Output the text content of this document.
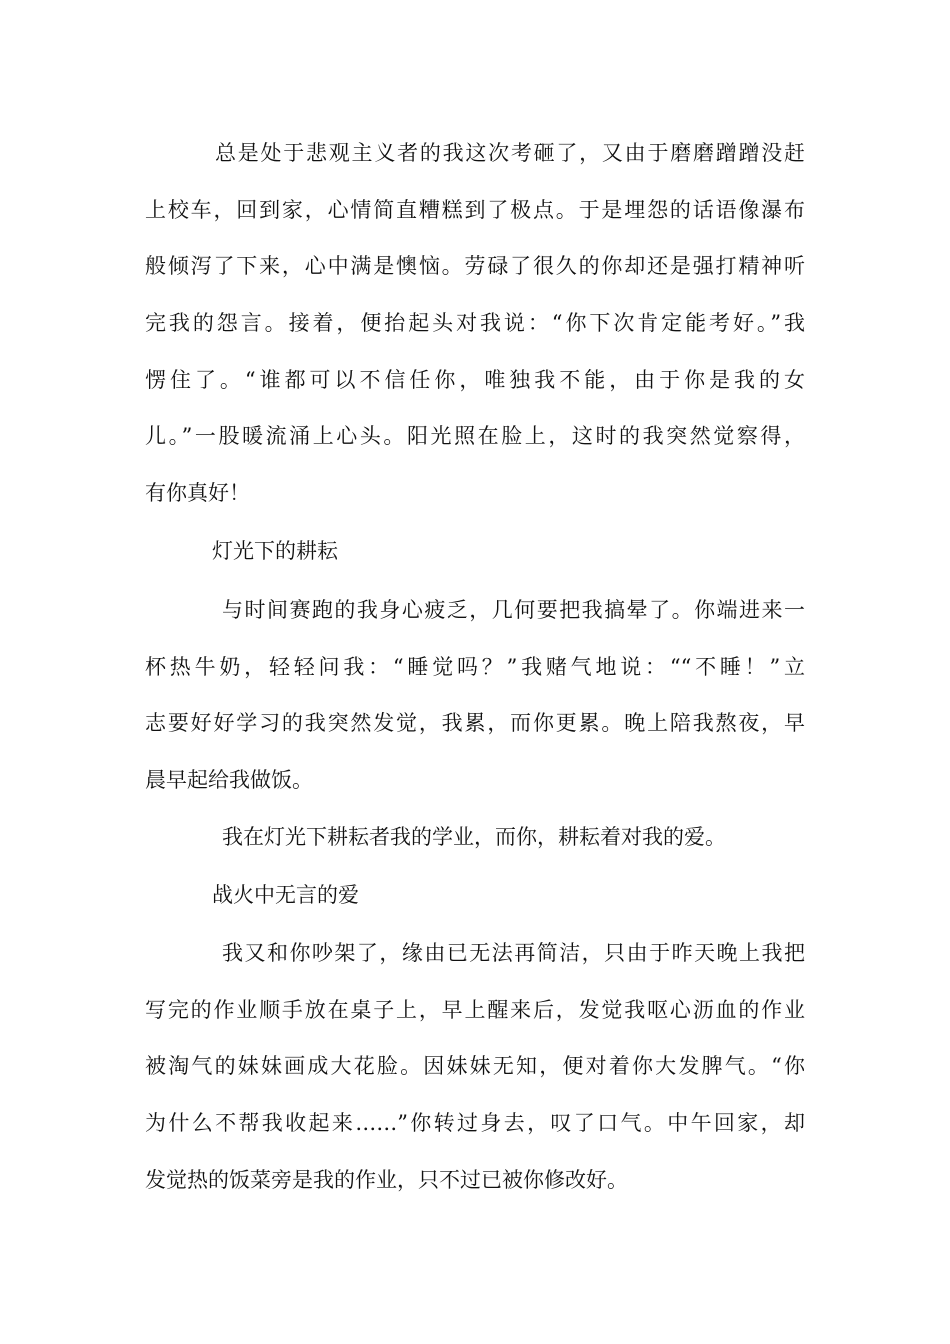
总是处于悲观主义者的我这次考砸了，又由于磨磨蹭蹭没赶
上校车，回到家，心情简直糟糕到了极点。于是埋怨的话语像瀑布
般倾泻了下来，心中满是懊恼。劳碌了很久的你却还是强打精神听
完我的怨言。接着，便抬起头对我说：“你下次肯定能考好。”我
愣住了。“谁都可以不信任你，唯独我不能，由于你是我的女
儿。”一股暖流涌上心头。阳光照在脸上，这时的我突然觉察得，
有你真好！
灯光下的耕耘
与时间赛跑的我身心疲乏，几何要把我搞晕了。你端进来一
杯热牛奶，轻轻问我：“睡觉吗？”我赌气地说：““不睡！”立
志要好好学习的我突然发觉，我累，而你更累。晚上陪我熬夜，早
晨早起给我做饭。
我在灯光下耕耘者我的学业，而你，耕耘着对我的爱。
战火中无言的爱
我又和你吵架了，缘由已无法再简洁，只由于昨天晚上我把
写完的作业顺手放在桌子上，早上醒来后，发觉我呕心沥血的作业
被淘气的妹妹画成大花脸。因妹妹无知，便对着你大发脾气。“你
为什么不帮我收起来……”你转过身去，叹了口气。中午回家，却
发觉热的饭菜旁是我的作业，只不过已被你修改好。
